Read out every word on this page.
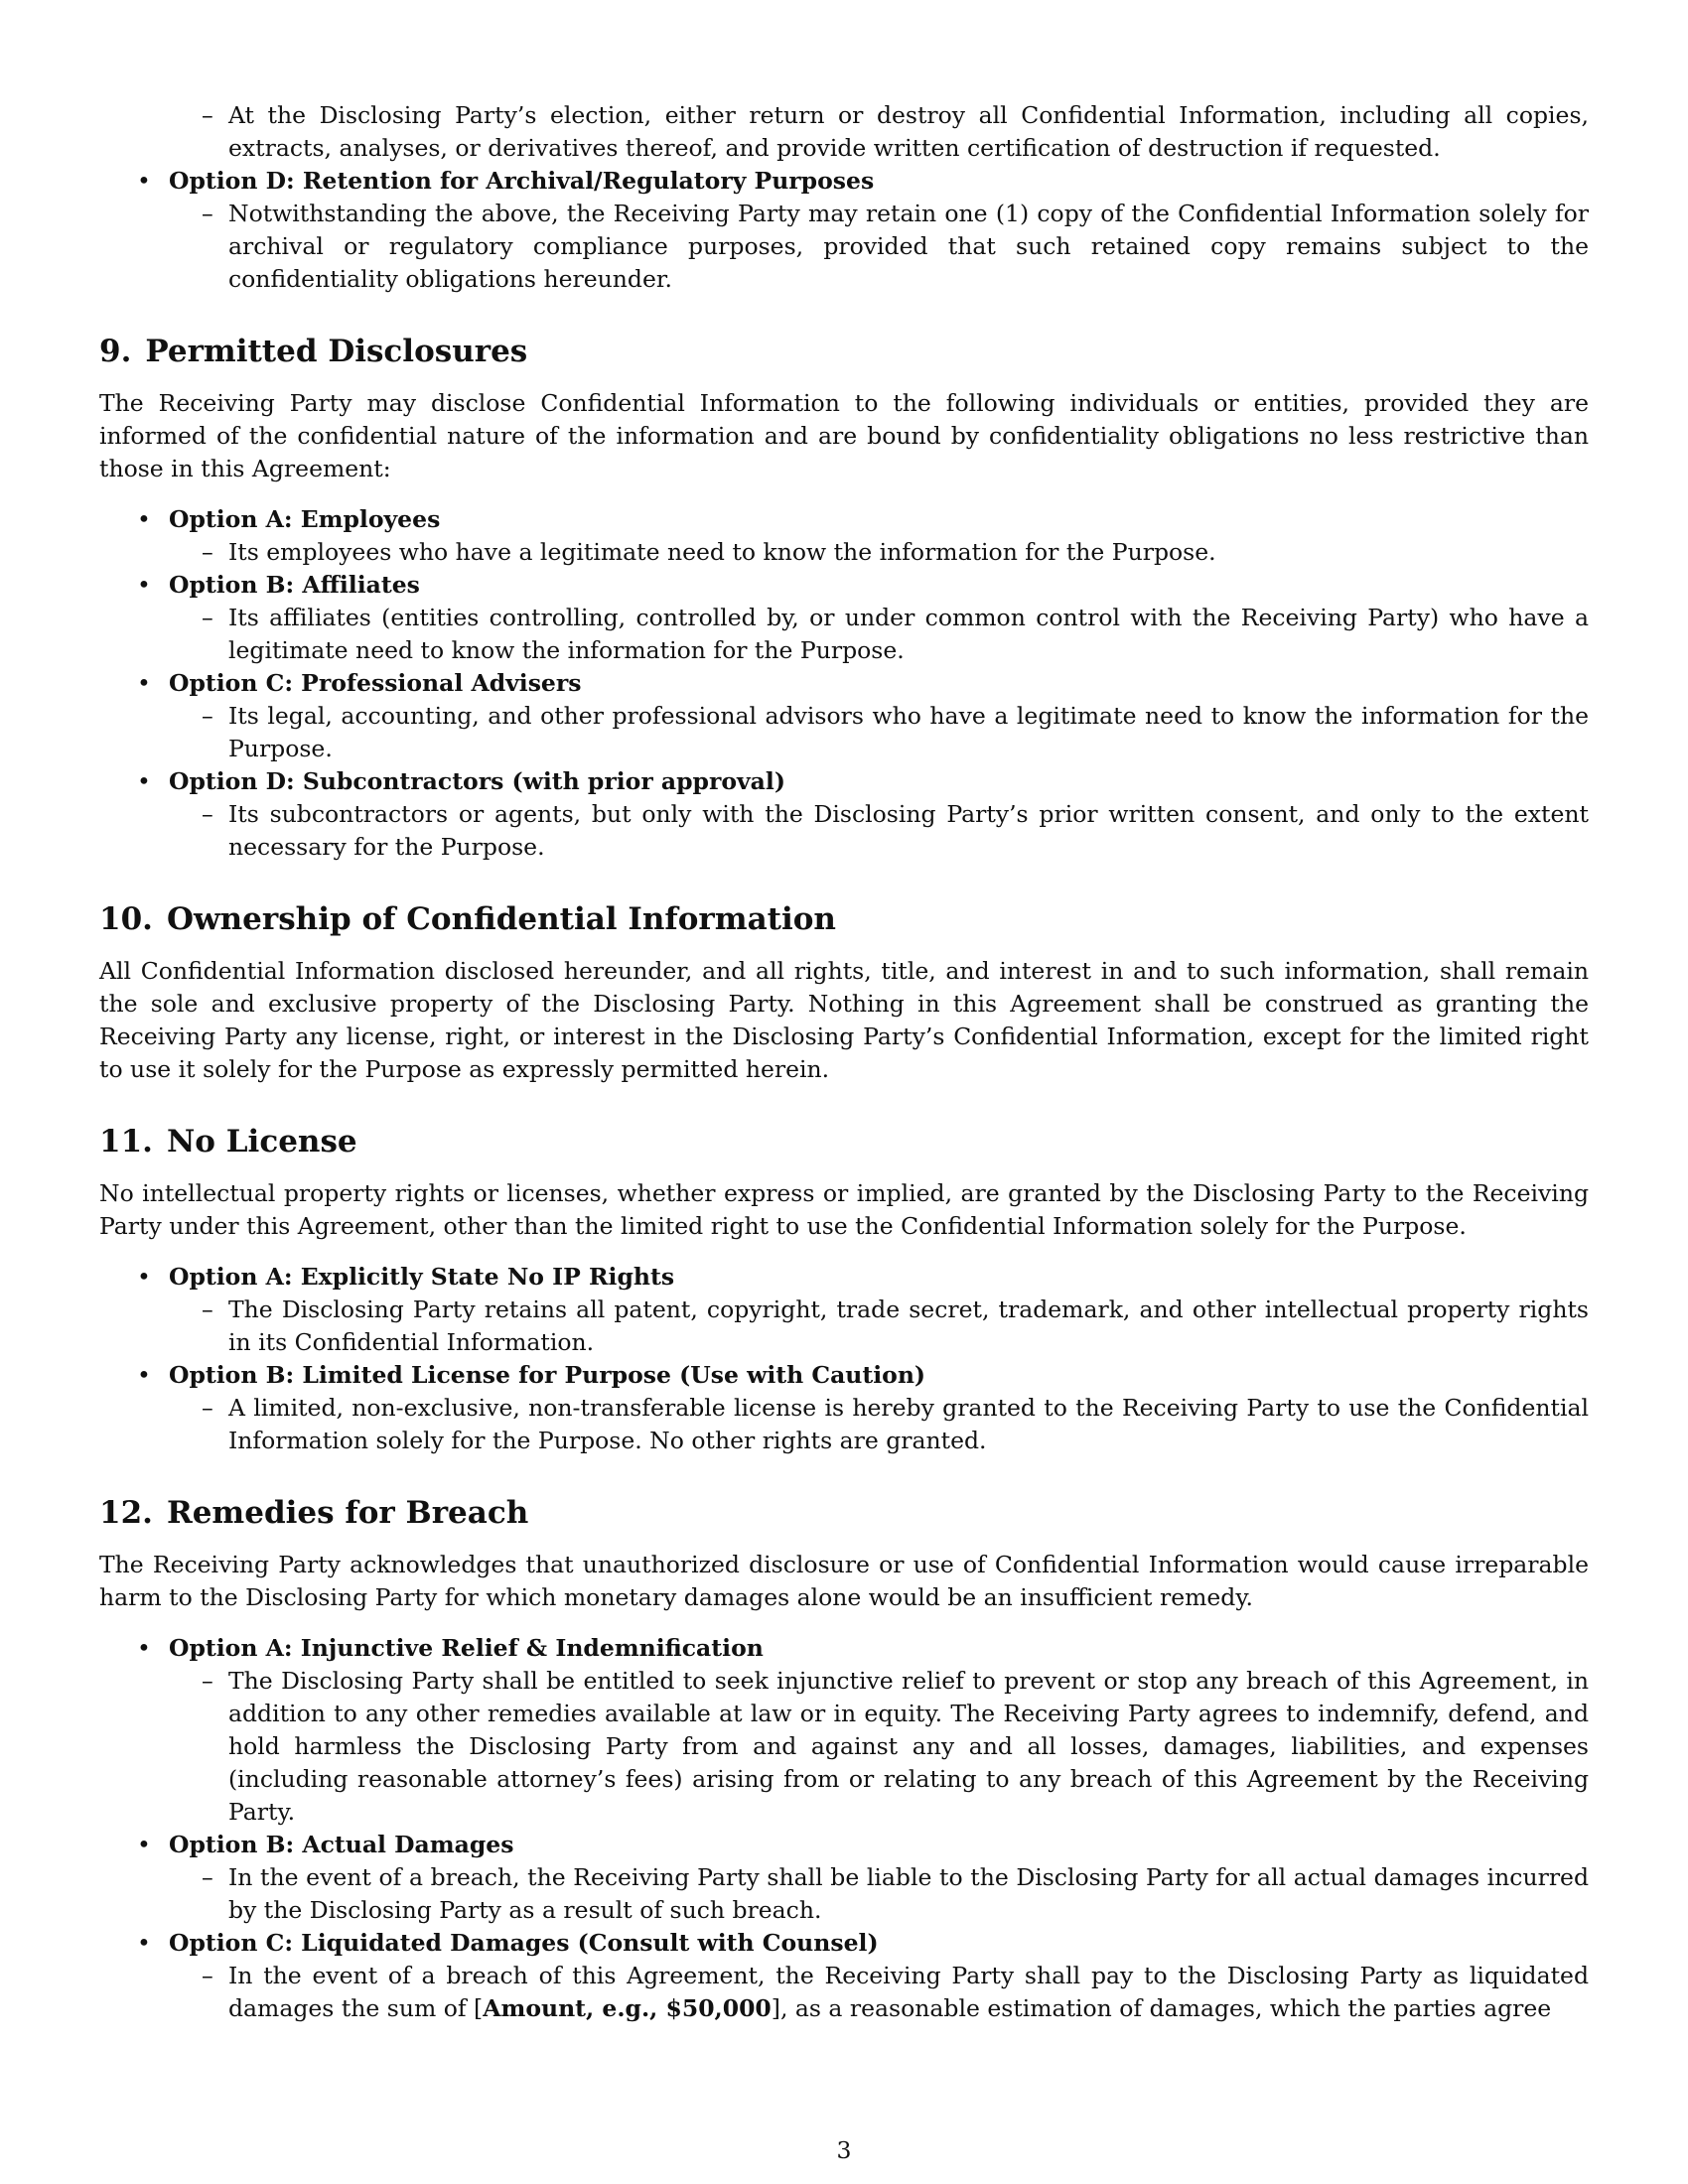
– At the Disclosing Party’s election, either return or destroy all Confidential Information, including all copies, extracts, analyses, or derivatives thereof, and provide written certification of destruction if requested.
• Option D: Retention for Archival/Regulatory Purposes
– Notwithstanding the above, the Receiving Party may retain one (1) copy of the Confidential Information solely for archival or regulatory compliance purposes, provided that such retained copy remains subject to the confidentiality obligations hereunder.
9. Permitted Disclosures

The Receiving Party may disclose Confidential Information to the following individuals or entities, provided they are informed of the confidential nature of the information and are bound by confidentiality obligations no less restrictive than those in this Agreement:

• Option A: Employees
– Its employees who have a legitimate need to know the information for the Purpose.
• Option B: Affiliates
– Its affiliates (entities controlling, controlled by, or under common control with the Receiving Party) who have a legitimate need to know the information for the Purpose.
• Option C: Professional Advisers
– Its legal, accounting, and other professional advisors who have a legitimate need to know the information for the Purpose.
• Option D: Subcontractors (with prior approval)
– Its subcontractors or agents, but only with the Disclosing Party’s prior written consent, and only to the extent necessary for the Purpose.
10. Ownership of Confidential Information

All Confidential Information disclosed hereunder, and all rights, title, and interest in and to such information, shall remain the sole and exclusive property of the Disclosing Party. Nothing in this Agreement shall be construed as granting the Receiving Party any license, right, or interest in the Disclosing Party’s Confidential Information, except for the limited right to use it solely for the Purpose as expressly permitted herein.

11. No License

No intellectual property rights or licenses, whether express or implied, are granted by the Disclosing Party to the Receiving Party under this Agreement, other than the limited right to use the Confidential Information solely for the Purpose.

• Option A: Explicitly State No IP Rights
– The Disclosing Party retains all patent, copyright, trade secret, trademark, and other intellectual property rights in its Confidential Information.
• Option B: Limited License for Purpose (Use with Caution)
– A limited, non-exclusive, non-transferable license is hereby granted to the Receiving Party to use the Confidential Information solely for the Purpose. No other rights are granted.
12. Remedies for Breach

The Receiving Party acknowledges that unauthorized disclosure or use of Confidential Information would cause irreparable harm to the Disclosing Party for which monetary damages alone would be an insufficient remedy.

• Option A: Injunctive Relief & Indemnification
– The Disclosing Party shall be entitled to seek injunctive relief to prevent or stop any breach of this Agreement, in addition to any other remedies available at law or in equity. The Receiving Party agrees to indemnify, defend, and hold harmless the Disclosing Party from and against any and all losses, damages, liabilities, and expenses (including reasonable attorney’s fees) arising from or relating to any breach of this Agreement by the Receiving Party.
• Option B: Actual Damages
– In the event of a breach, the Receiving Party shall be liable to the Disclosing Party for all actual damages incurred by the Disclosing Party as a result of such breach.
• Option C: Liquidated Damages (Consult with Counsel)
– In the event of a breach of this Agreement, the Receiving Party shall pay to the Disclosing Party as liquidated damages the sum of [Amount, e.g., $50,000], as a reasonable estimation of damages, which the parties agree
3
